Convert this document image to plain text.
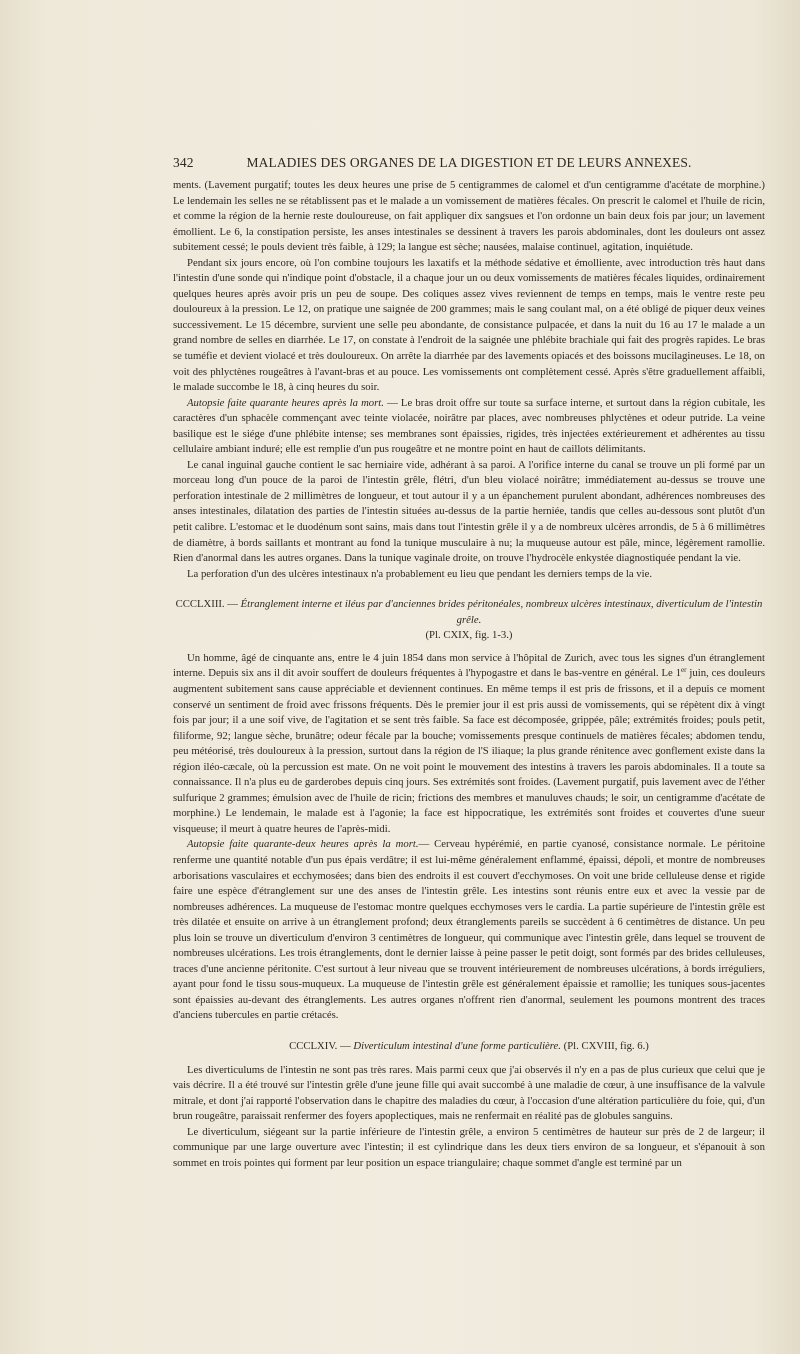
342	MALADIES DES ORGANES DE LA DIGESTION ET DE LEURS ANNEXES.

ments. (Lavement purgatif; toutes les deux heures une prise de 5 centigrammes de calomel et d'un centigramme d'acétate de morphine.) Le lendemain les selles ne se rétablissent pas et le malade a un vomissement de matières fécales. On prescrit le calomel et l'huile de ricin, et comme la région de la hernie reste douloureuse, on fait appliquer dix sangsues et l'on ordonne un bain deux fois par jour; un lavement émollient. Le 6, la constipation persiste, les anses intestinales se dessinent à travers les parois abdominales, dont les douleurs ont assez subitement cessé; le pouls devient très faible, à 129; la langue est sèche; nausées, malaise continuel, agitation, inquiétude.

Pendant six jours encore, où l'on combine toujours les laxatifs et la méthode sédative et émolliente, avec introduction très haut dans l'intestin d'une sonde qui n'indique point d'obstacle, il a chaque jour un ou deux vomissements de matières fécales liquides, ordinairement quelques heures après avoir pris un peu de soupe. Des coliques assez vives reviennent de temps en temps, mais le ventre reste peu douloureux à la pression. Le 12, on pratique une saignée de 200 grammes; mais le sang coulant mal, on a été obligé de piquer deux veines successivement. Le 15 décembre, survient une selle peu abondante, de consistance pulpacée, et dans la nuit du 16 au 17 le malade a un grand nombre de selles en diarrhée. Le 17, on constate à l'endroit de la saignée une phlébite brachiale qui fait des progrès rapides. Le bras se tuméfie et devient violacé et très douloureux. On arrête la diarrhée par des lavements opiacés et des boissons mucilagineuses. Le 18, on voit des phlyctènes rougeâtres à l'avant-bras et au pouce. Les vomissements ont complètement cessé. Après s'être graduellement affaibli, le malade succombe le 18, à cinq heures du soir.

Autopsie faite quarante heures après la mort. — Le bras droit offre sur toute sa surface interne, et surtout dans la région cubitale, les caractères d'un sphacèle commençant avec teinte violacée, noirâtre par places, avec nombreuses phlyctènes et odeur putride. La veine basilique est le siége d'une phlébite intense; ses membranes sont épaissies, rigides, très injectées extérieurement et adhérentes au tissu cellulaire ambiant induré; elle est remplie d'un pus rougeâtre et ne montre point en haut de caillots délimitants.

Le canal inguinal gauche contient le sac herniaire vide, adhérant à sa paroi. A l'orifice interne du canal se trouve un pli formé par un morceau long d'un pouce de la paroi de l'intestin grêle, flétri, d'un bleu violacé noirâtre; immédiatement au-dessus se trouve une perforation intestinale de 2 millimètres de longueur, et tout autour il y a un épanchement purulent abondant, adhérences nombreuses des anses intestinales, dilatation des parties de l'intestin situées au-dessus de la partie herniée, tandis que celles au-dessous sont plutôt d'un petit calibre. L'estomac et le duodénum sont sains, mais dans tout l'intestin grêle il y a de nombreux ulcères arrondis, de 5 à 6 millimètres de diamètre, à bords saillants et montrant au fond la tunique musculaire à nu; la muqueuse autour est pâle, mince, légèrement ramollie. Rien d'anormal dans les autres organes. Dans la tunique vaginale droite, on trouve l'hydrocèle enkystée diagnostiquée pendant la vie.

La perforation d'un des ulcères intestinaux n'a probablement eu lieu que pendant les derniers temps de la vie.

CCCLXIII. — Étranglement interne et iléus par d'anciennes brides péritonéales, nombreux ulcères intestinaux, diverticulum de l'intestin grêle.
(Pl. CXIX, fig. 1-3.)

Un homme, âgé de cinquante ans, entre le 4 juin 1854 dans mon service à l'hôpital de Zurich, avec tous les signes d'un étranglement interne. Depuis six ans il dit avoir souffert de douleurs fréquentes à l'hypogastre et dans le bas-ventre en général. Le 1er juin, ces douleurs augmentent subitement sans cause appréciable et deviennent continues. En même temps il est pris de frissons, et il a depuis ce moment conservé un sentiment de froid avec frissons fréquents. Dès le premier jour il est pris aussi de vomissements, qui se répètent dix à vingt fois par jour; il a une soif vive, de l'agitation et se sent très faible. Sa face est décomposée, grippée, pâle; extrémités froides; pouls petit, filiforme, 92; langue sèche, brunâtre; odeur fécale par la bouche; vomissements presque continuels de matières fécales; abdomen tendu, peu météorisé, très douloureux à la pression, surtout dans la région de l'S iliaque; la plus grande rénitence avec gonflement existe dans la région iléo-cæcale, où la percussion est mate. On ne voit point le mouvement des intestins à travers les parois abdominales. Il a toute sa connaissance. Il n'a plus eu de garderobes depuis cinq jours. Ses extrémités sont froides. (Lavement purgatif, puis lavement avec de l'éther sulfurique 2 grammes; émulsion avec de l'huile de ricin; frictions des membres et manuluves chauds; le soir, un centigramme d'acétate de morphine.) Le lendemain, le malade est à l'agonie; la face est hippocratique, les extrémités sont froides et couvertes d'une sueur visqueuse; il meurt à quatre heures de l'après-midi.

Autopsie faite quarante-deux heures après la mort.— Cerveau hypérémié, en partie cyanosé, consistance normale. Le péritoine renferme une quantité notable d'un pus épais verdâtre; il est lui-même généralement enflammé, épaissi, dépoli, et montre de nombreuses arborisations vasculaires et ecchymosées; dans bien des endroits il est couvert d'ecchymoses. On voit une bride celluleuse dense et rigide faire une espèce d'étranglement sur une des anses de l'intestin grêle. Les intestins sont réunis entre eux et avec la vessie par de nombreuses adhérences. La muqueuse de l'estomac montre quelques ecchymoses vers le cardia. La partie supérieure de l'intestin grêle est très dilatée et ensuite on arrive à un étranglement profond; deux étranglements pareils se succèdent à 6 centimètres de distance. Un peu plus loin se trouve un diverticulum d'environ 3 centimètres de longueur, qui communique avec l'intestin grêle, dans lequel se trouvent de nombreuses ulcérations. Les trois étranglements, dont le dernier laisse à peine passer le petit doigt, sont formés par des brides celluleuses, traces d'une ancienne péritonite. C'est surtout à leur niveau que se trouvent intérieurement de nombreuses ulcérations, à bords irréguliers, ayant pour fond le tissu sous-muqueux. La muqueuse de l'intestin grêle est généralement épaissie et ramollie; les tuniques sous-jacentes sont épaissies au-devant des étranglements. Les autres organes n'offrent rien d'anormal, seulement les poumons montrent des traces d'anciens tubercules en partie crétacés.

CCCLXIV. — Diverticulum intestinal d'une forme particulière. (Pl. CXVIII, fig. 6.)

Les diverticulums de l'intestin ne sont pas très rares. Mais parmi ceux que j'ai observés il n'y en a pas de plus curieux que celui que je vais décrire. Il a été trouvé sur l'intestin grêle d'une jeune fille qui avait succombé à une maladie de cœur, à une insuffisance de la valvule mitrale, et dont j'ai rapporté l'observation dans le chapitre des maladies du cœur, à l'occasion d'une altération particulière du foie, qui, d'un brun rougeâtre, paraissait renfermer des foyers apoplectiques, mais ne renfermait en réalité pas de globules sanguins.

Le diverticulum, siégeant sur la partie inférieure de l'intestin grêle, a environ 5 centimètres de hauteur sur près de 2 de largeur; il communique par une large ouverture avec l'intestin; il est cylindrique dans les deux tiers environ de sa longueur, et s'épanouit à son sommet en trois pointes qui forment par leur position un espace triangulaire; chaque sommet d'angle est terminé par un
